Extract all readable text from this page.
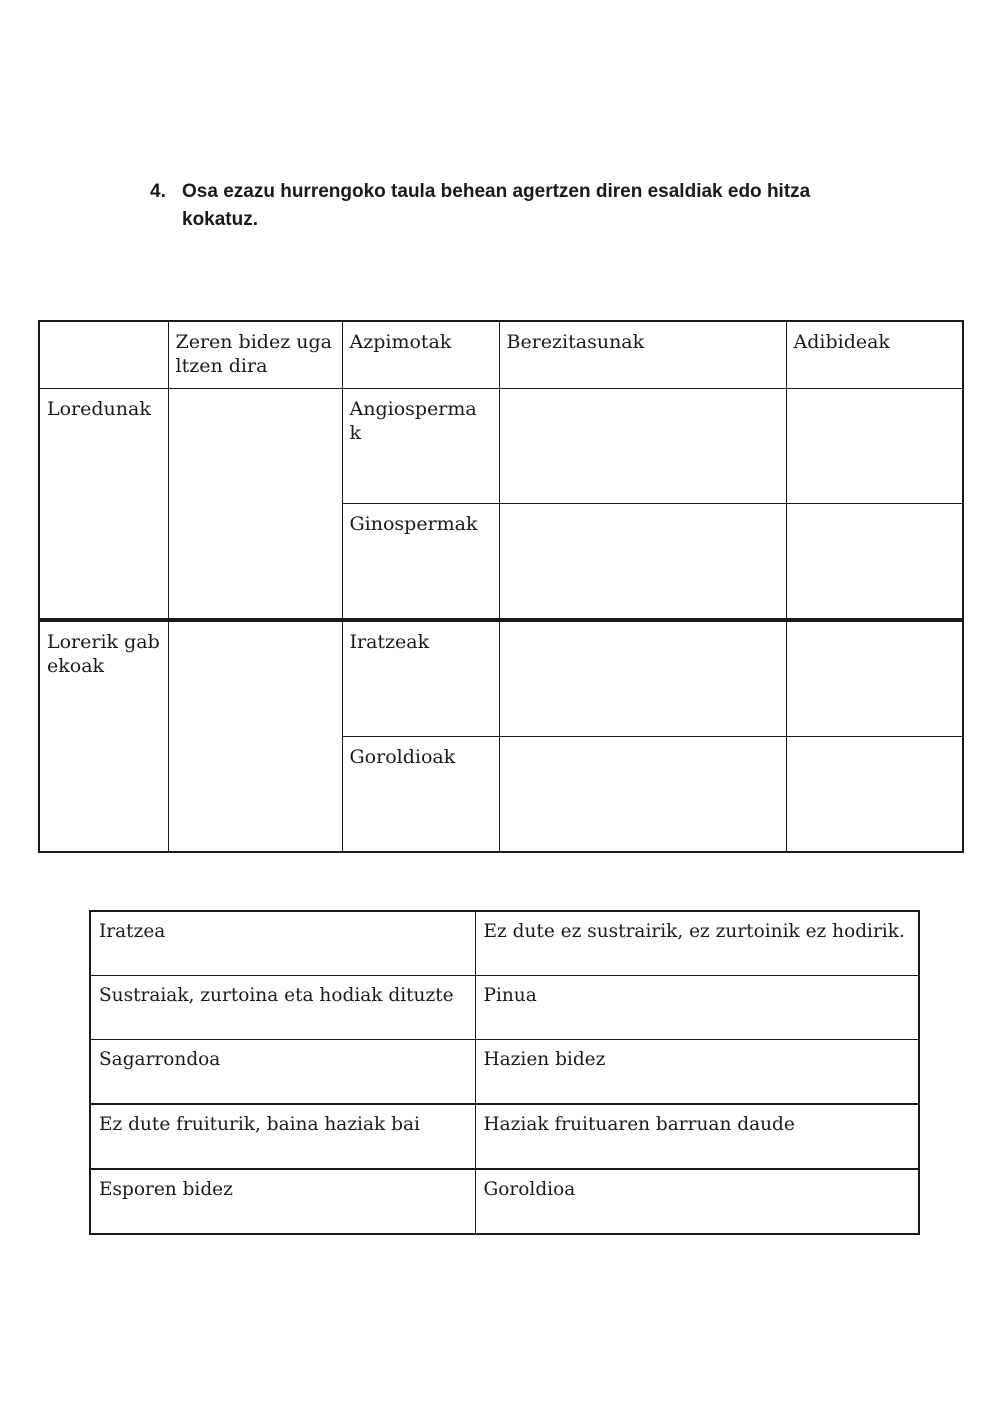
4. Osa ezazu hurrengoko taula behean agertzen diren esaldiak edo hitza kokatuz.
	Zeren bidez ugaltzen dira	Azpimotak	Berezitasunak	Adibideak
Loredunak		Angiosperma k		
		Ginospermak		
Lorerik gabekoak		Iratzeak		
		Goroldioak		
Iratzea	Ez dute ez sustrairik, ez zurtoinik ez hodirik.
Sustraiak, zurtoina eta hodiak dituzte	Pinua
Sagarrondoa	Hazien bidez
Ez dute fruiturik, baina haziak bai	Haziak fruituaren barruan daude
Esporen bidez	Goroldioa
